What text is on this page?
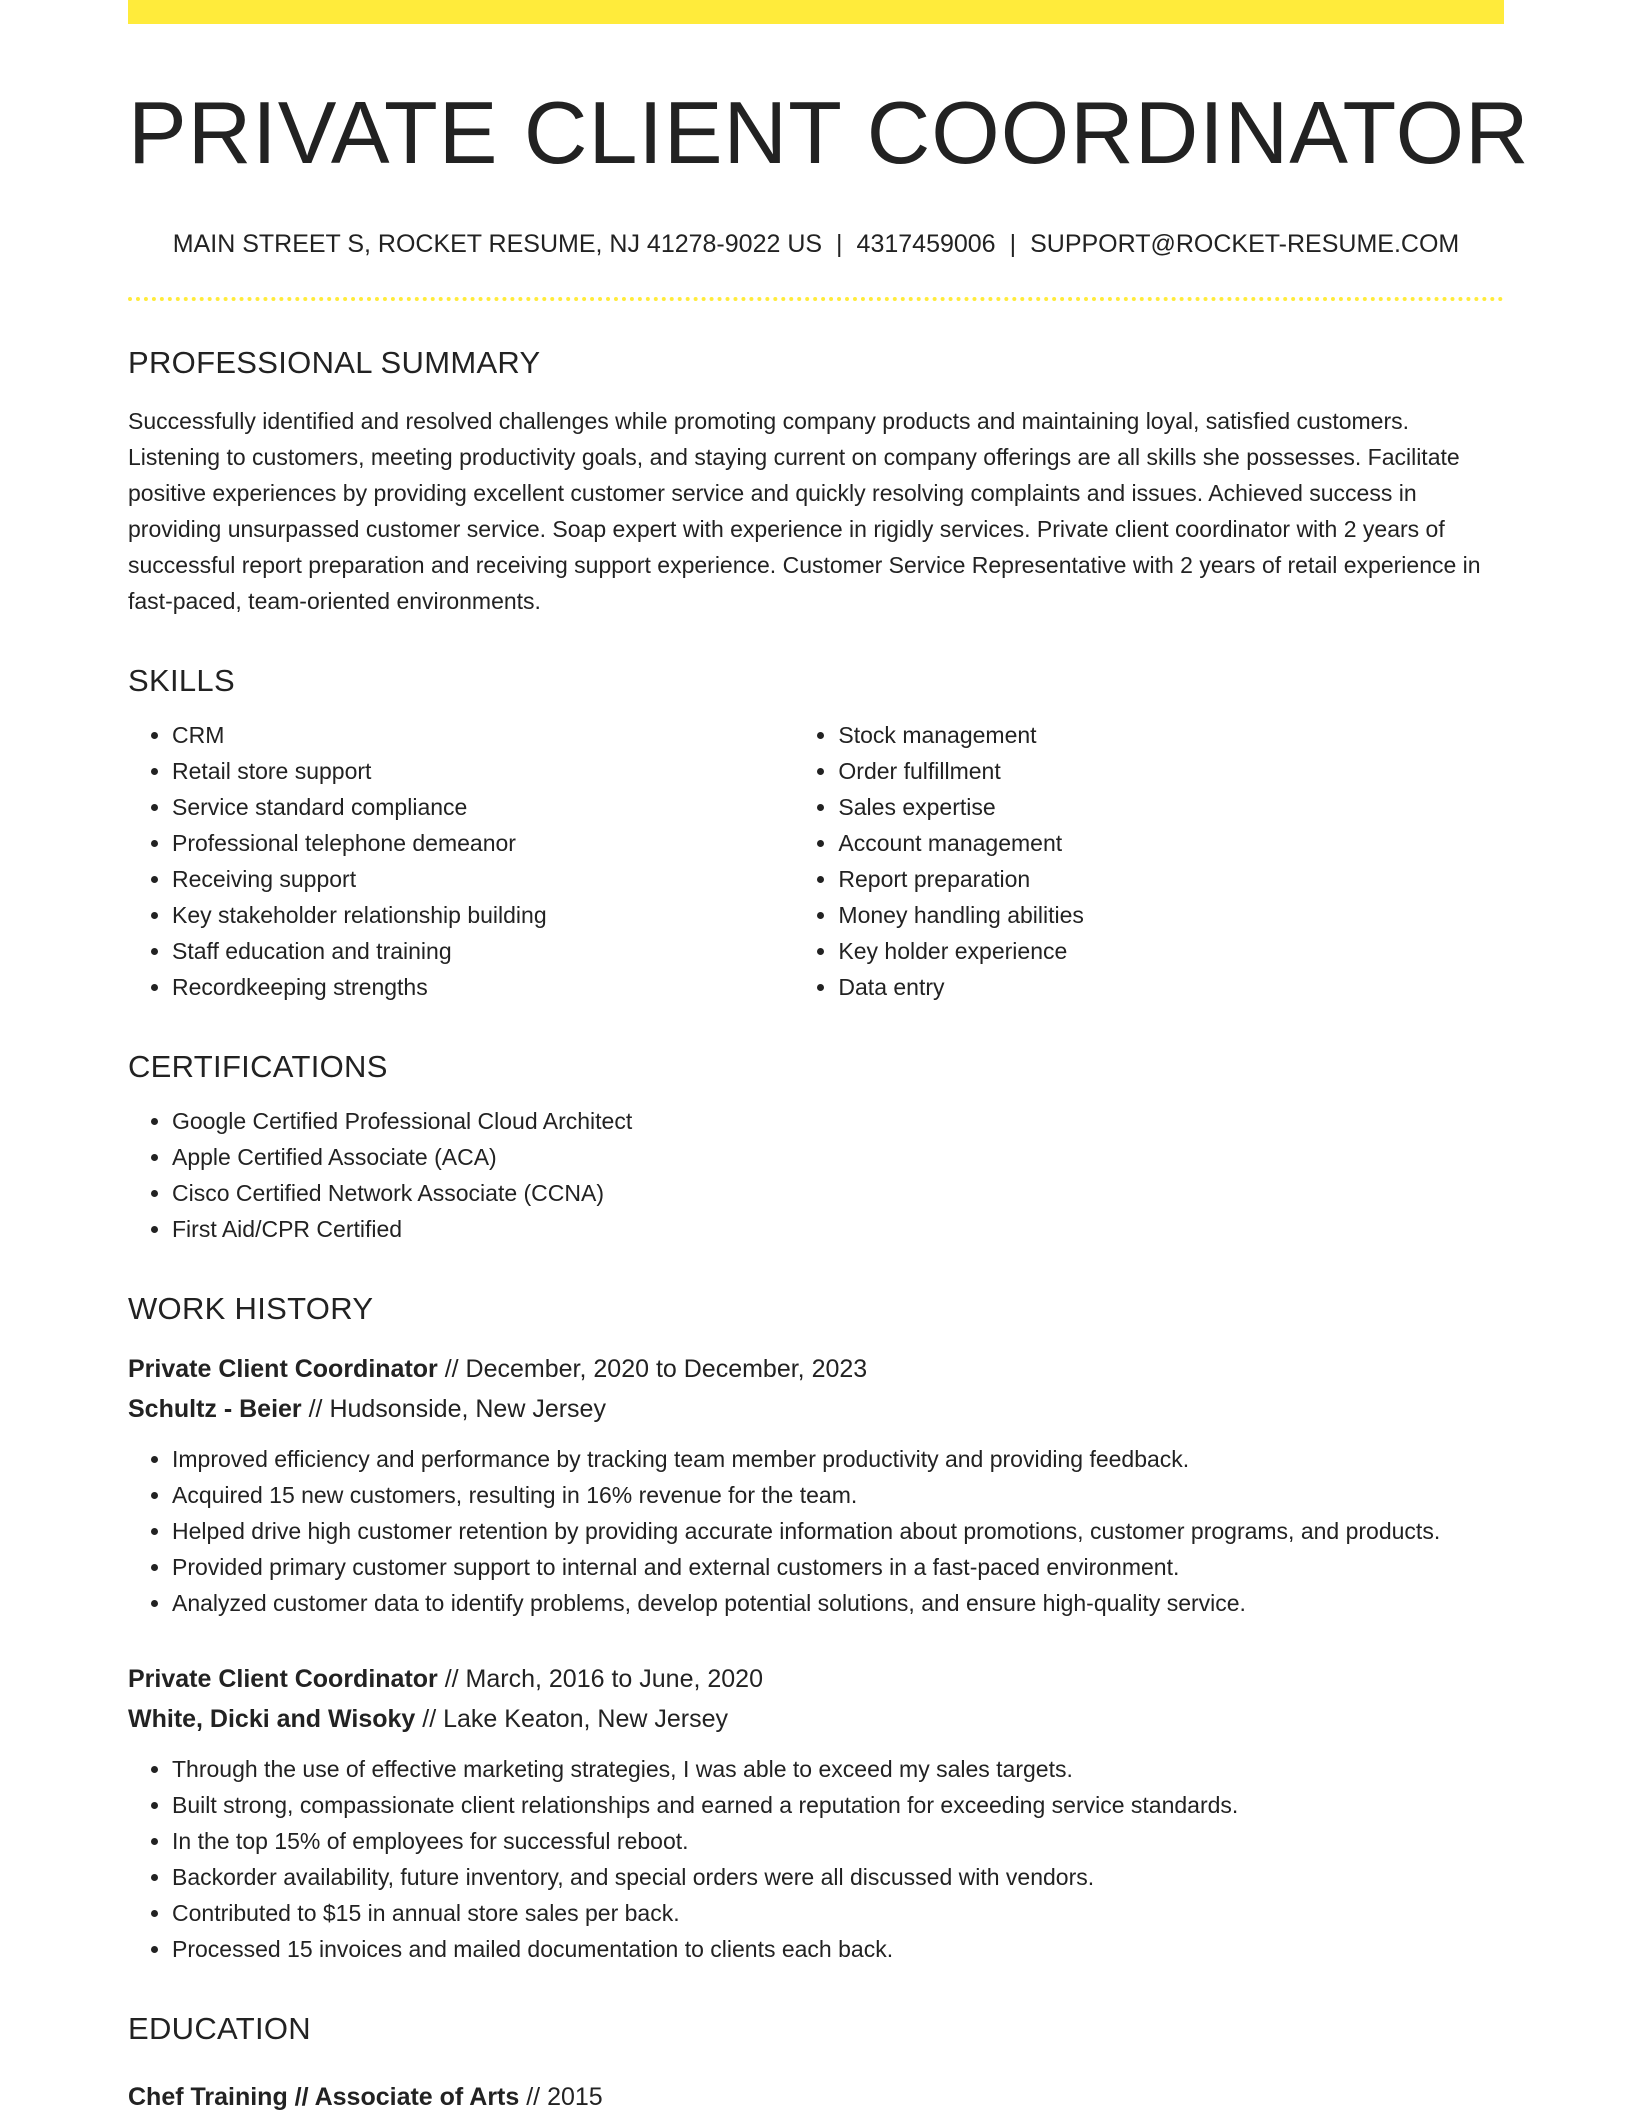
PRIVATE CLIENT COORDINATOR
MAIN STREET S, ROCKET RESUME, NJ 41278-9022 US | 4317459006 | SUPPORT@ROCKET-RESUME.COM
PROFESSIONAL SUMMARY
Successfully identified and resolved challenges while promoting company products and maintaining loyal, satisfied customers. Listening to customers, meeting productivity goals, and staying current on company offerings are all skills she possesses. Facilitate positive experiences by providing excellent customer service and quickly resolving complaints and issues. Achieved success in providing unsurpassed customer service. Soap expert with experience in rigidly services. Private client coordinator with 2 years of successful report preparation and receiving support experience. Customer Service Representative with 2 years of retail experience in fast-paced, team-oriented environments.
SKILLS
• CRM
• Retail store support
• Service standard compliance
• Professional telephone demeanor
• Receiving support
• Key stakeholder relationship building
• Staff education and training
• Recordkeeping strengths
• Stock management
• Order fulfillment
• Sales expertise
• Account management
• Report preparation
• Money handling abilities
• Key holder experience
• Data entry
CERTIFICATIONS
• Google Certified Professional Cloud Architect
• Apple Certified Associate (ACA)
• Cisco Certified Network Associate (CCNA)
• First Aid/CPR Certified
WORK HISTORY
Private Client Coordinator // December, 2020 to December, 2023
Schultz - Beier // Hudsonside, New Jersey
• Improved efficiency and performance by tracking team member productivity and providing feedback.
• Acquired 15 new customers, resulting in 16% revenue for the team.
• Helped drive high customer retention by providing accurate information about promotions, customer programs, and products.
• Provided primary customer support to internal and external customers in a fast-paced environment.
• Analyzed customer data to identify problems, develop potential solutions, and ensure high-quality service.
Private Client Coordinator // March, 2016 to June, 2020
White, Dicki and Wisoky // Lake Keaton, New Jersey
• Through the use of effective marketing strategies, I was able to exceed my sales targets.
• Built strong, compassionate client relationships and earned a reputation for exceeding service standards.
• In the top 15% of employees for successful reboot.
• Backorder availability, future inventory, and special orders were all discussed with vendors.
• Contributed to $15 in annual store sales per back.
• Processed 15 invoices and mailed documentation to clients each back.
EDUCATION
Chef Training // Associate of Arts // 2015
